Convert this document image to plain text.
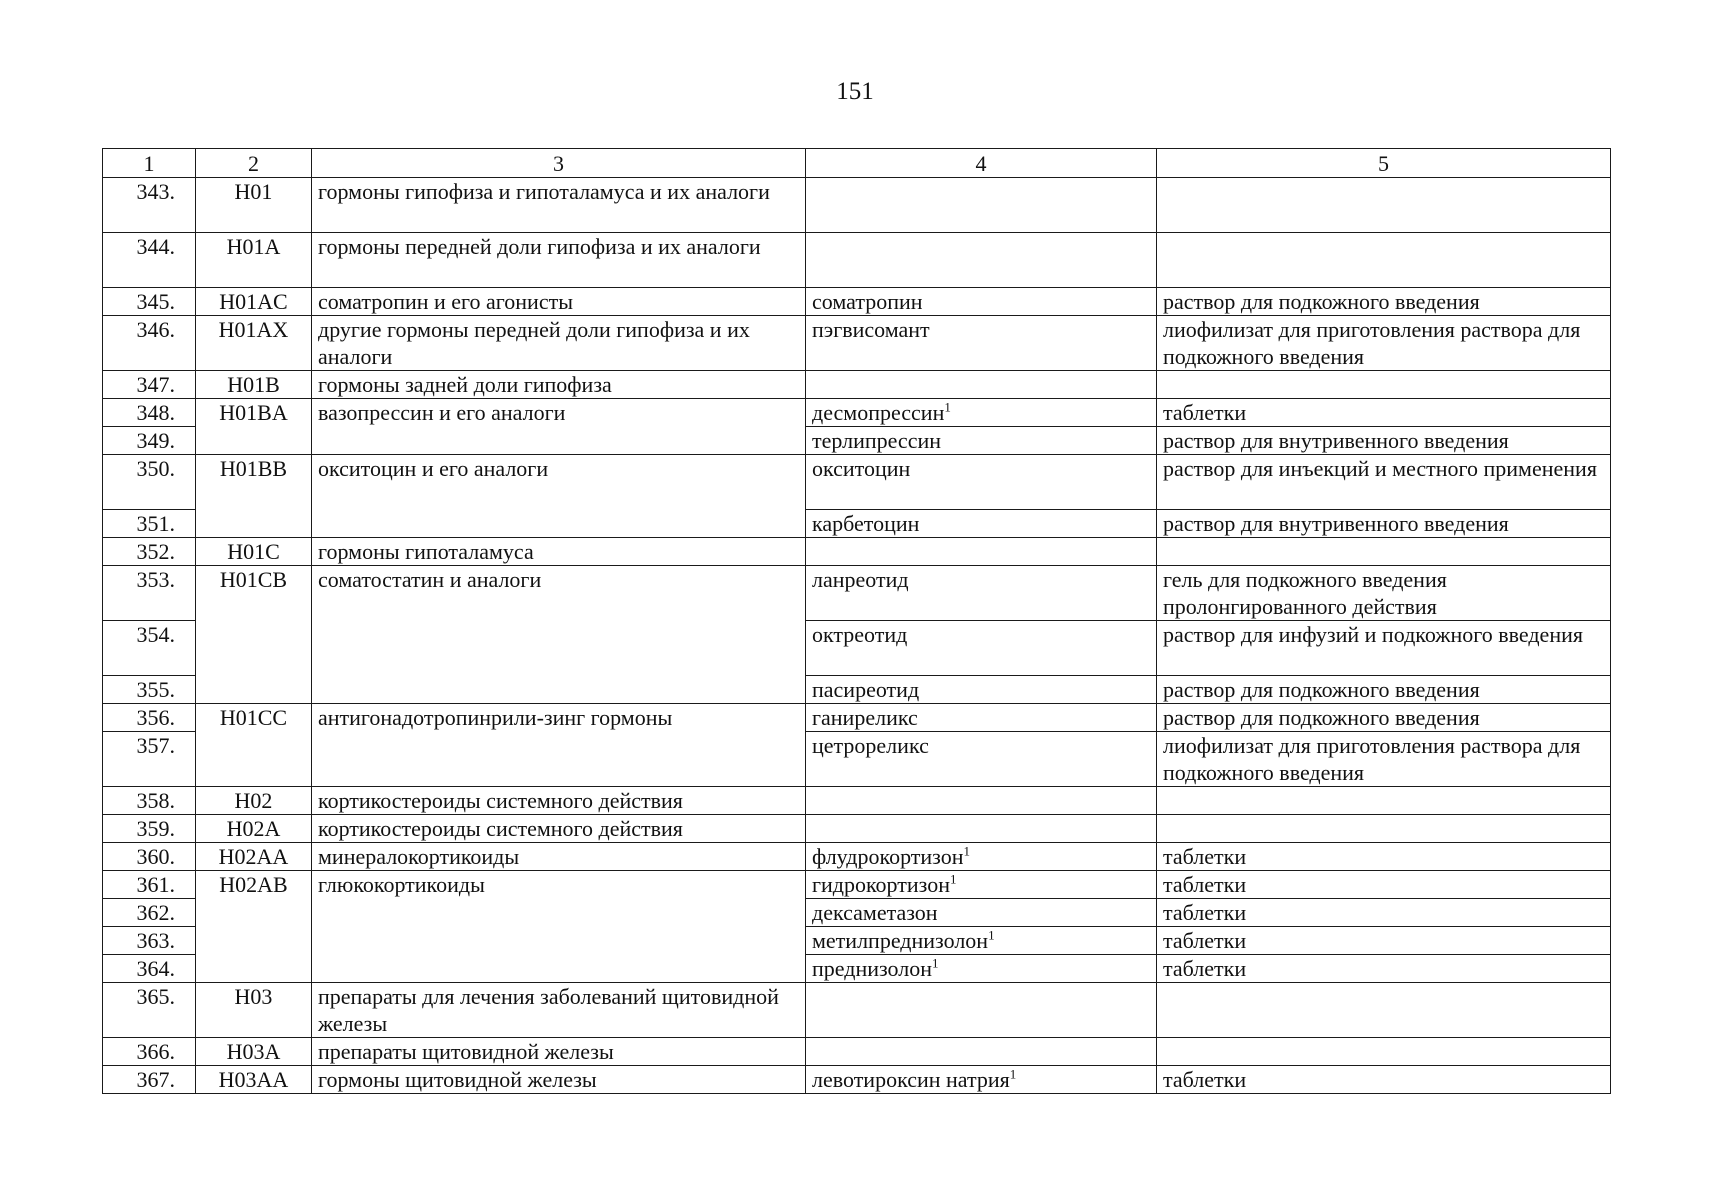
151
1	2	3	4	5
343.	H01	гормоны гипофиза и гипоталамуса и их аналоги		
344.	H01A	гормоны передней доли гипофиза и их аналоги		
345.	H01AC	соматропин и его агонисты	соматропин	раствор для подкожного введения
346.	H01AX	другие гормоны передней доли гипофиза и их аналоги	пэгвисомант	лиофилизат для приготовления раствора для подкожного введения
347.	H01B	гормоны задней доли гипофиза		
348.	H01BA	вазопрессин и его аналоги	десмопрессин$^1$	таблетки
349.			терлипрессин	раствор для внутривенного введения
350.	H01BB	окситоцин и его аналоги	окситоцин	раствор для инъекций и местного применения
351.			карбетоцин	раствор для внутривенного введения
352.	H01C	гормоны гипоталамуса		
353.	H01CB	соматостатин и аналоги	ланреотид	гель для подкожного введения пролонгированного действия
354.			октреотид	раствор для инфузий и подкожного введения
355.			пасиреотид	раствор для подкожного введения
356.	H01CC	антигонадотропинрили-зинг гормоны	ганиреликс	раствор для подкожного введения
357.			цетрореликс	лиофилизат для приготовления раствора для подкожного введения
358.	H02	кортикостероиды системного действия		
359.	H02A	кортикостероиды системного действия		
360.	H02AA	минералокортикоиды	флудрокортизон$^1$	таблетки
361.	H02AB	глюкокортикоиды	гидрокортизон$^1$	таблетки
362.			дексаметазон	таблетки
363.			метилпреднизолон$^1$	таблетки
364.			преднизолон$^1$	таблетки
365.	H03	препараты для лечения заболеваний щитовидной железы		
366.	H03A	препараты щитовидной железы		
367.	H03AA	гормоны щитовидной железы	левотироксин натрия$^1$	таблетки
